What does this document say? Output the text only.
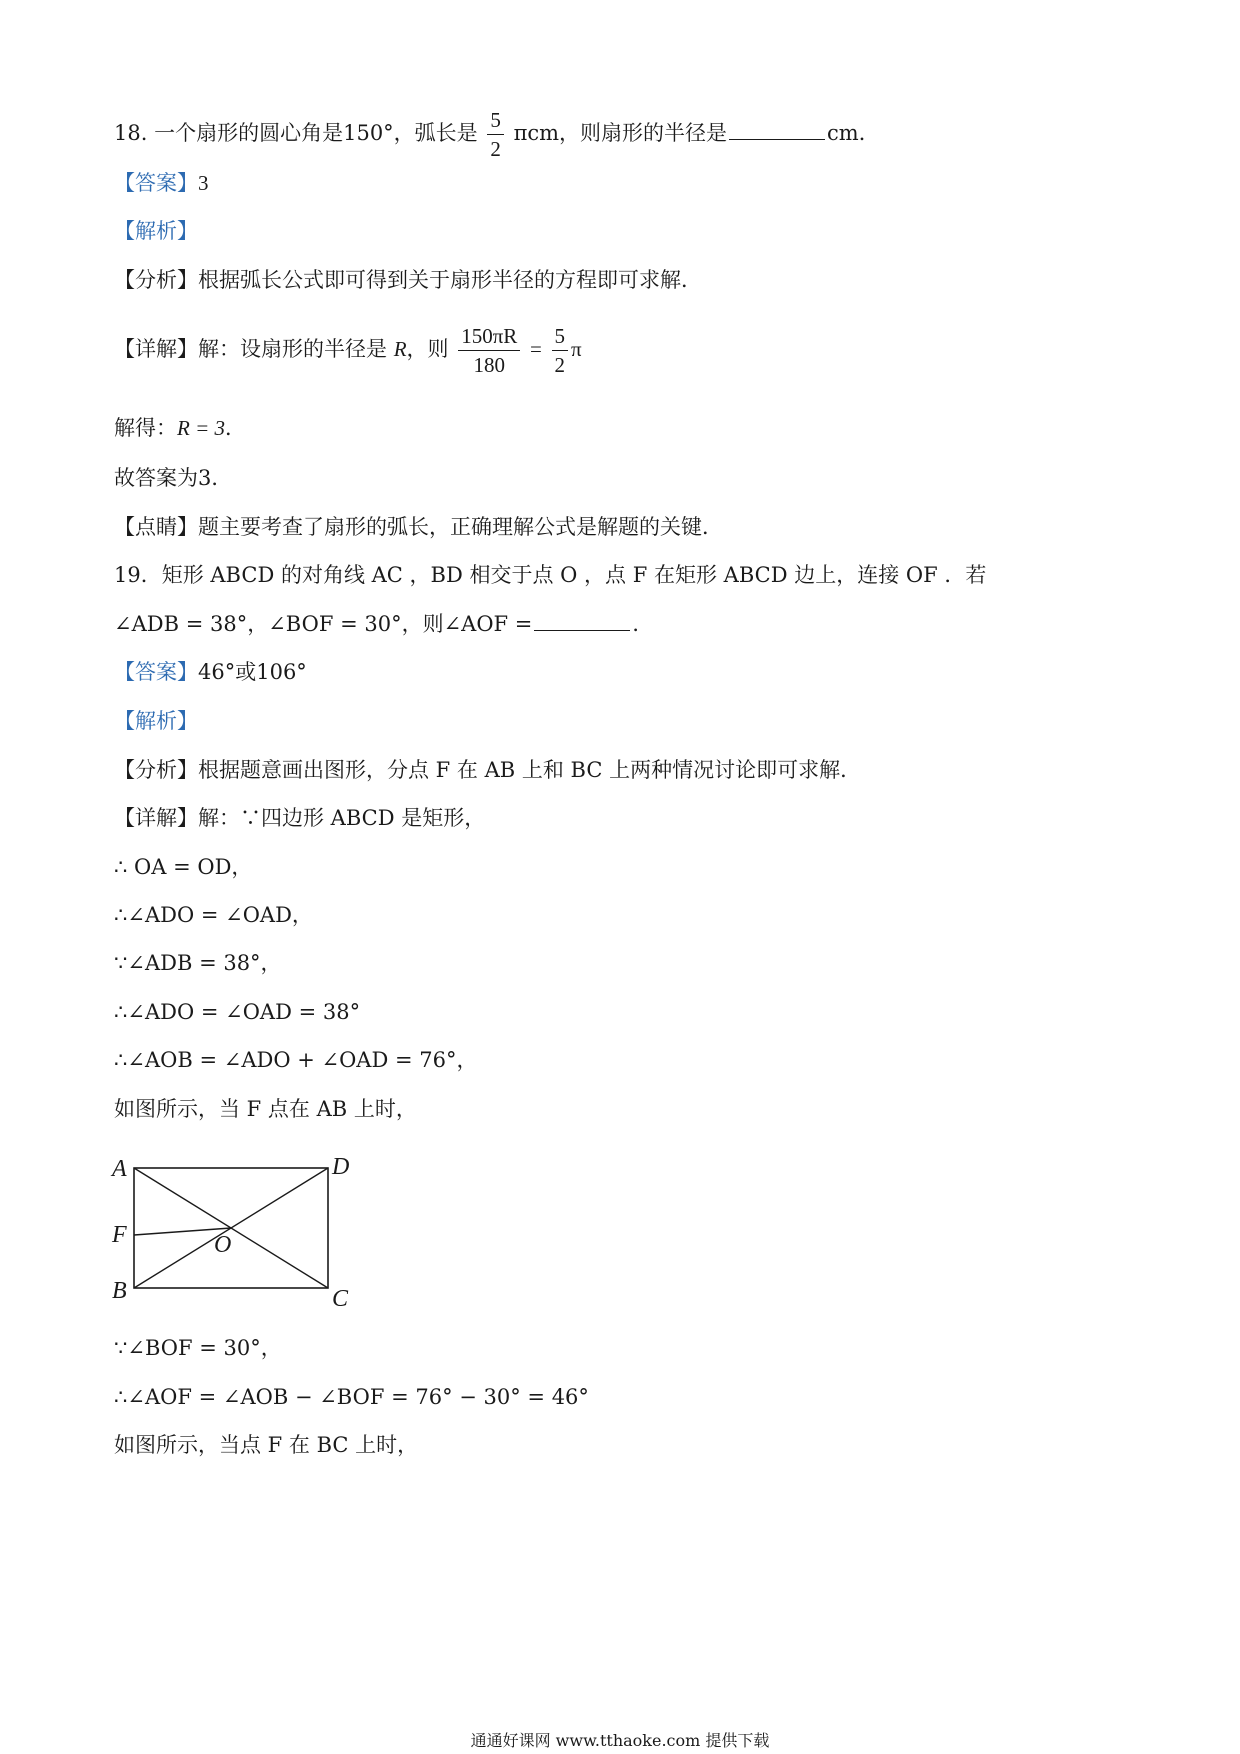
18. 一个扇形的圆心角是150°，弧长是 $\frac{5}{2}$ πcm，则扇形的半径是	cm．
【答案】3
【解析】
【分析】根据弧长公式即可得到关于扇形半径的方程即可求解．
【详解】解：设扇形的半径是 R，则 $\frac{150\pi R}{180} = \frac{5}{2}$ π
解得：R = 3．
故答案为3．
【点睛】题主要考查了扇形的弧长，正确理解公式是解题的关键．
19．矩形 ABCD 的对角线 AC ，BD 相交于点 O ，点 F 在矩形 ABCD 边上，连接 OF ．若
∠ADB = 38°，∠BOF = 30°，则∠AOF =	．
【答案】46°或106°
【解析】
【分析】根据题意画出图形，分点 F 在 AB 上和 BC 上两种情况讨论即可求解．
【详解】解：∵四边形 ABCD 是矩形，
∴ OA = OD，
∴∠ADO = ∠OAD，
∵∠ADB = 38°，
∴∠ADO = ∠OAD = 38°
∴∠AOB = ∠ADO + ∠OAD = 76°，
如图所示，当 F 点在 AB 上时，
A	D
F	O
B	C
∵∠BOF = 30°，
∴∠AOF = ∠AOB − ∠BOF = 76° − 30° = 46°
如图所示，当点 F 在 BC 上时，
通通好课网 www.tthaoke.com 提供下载
